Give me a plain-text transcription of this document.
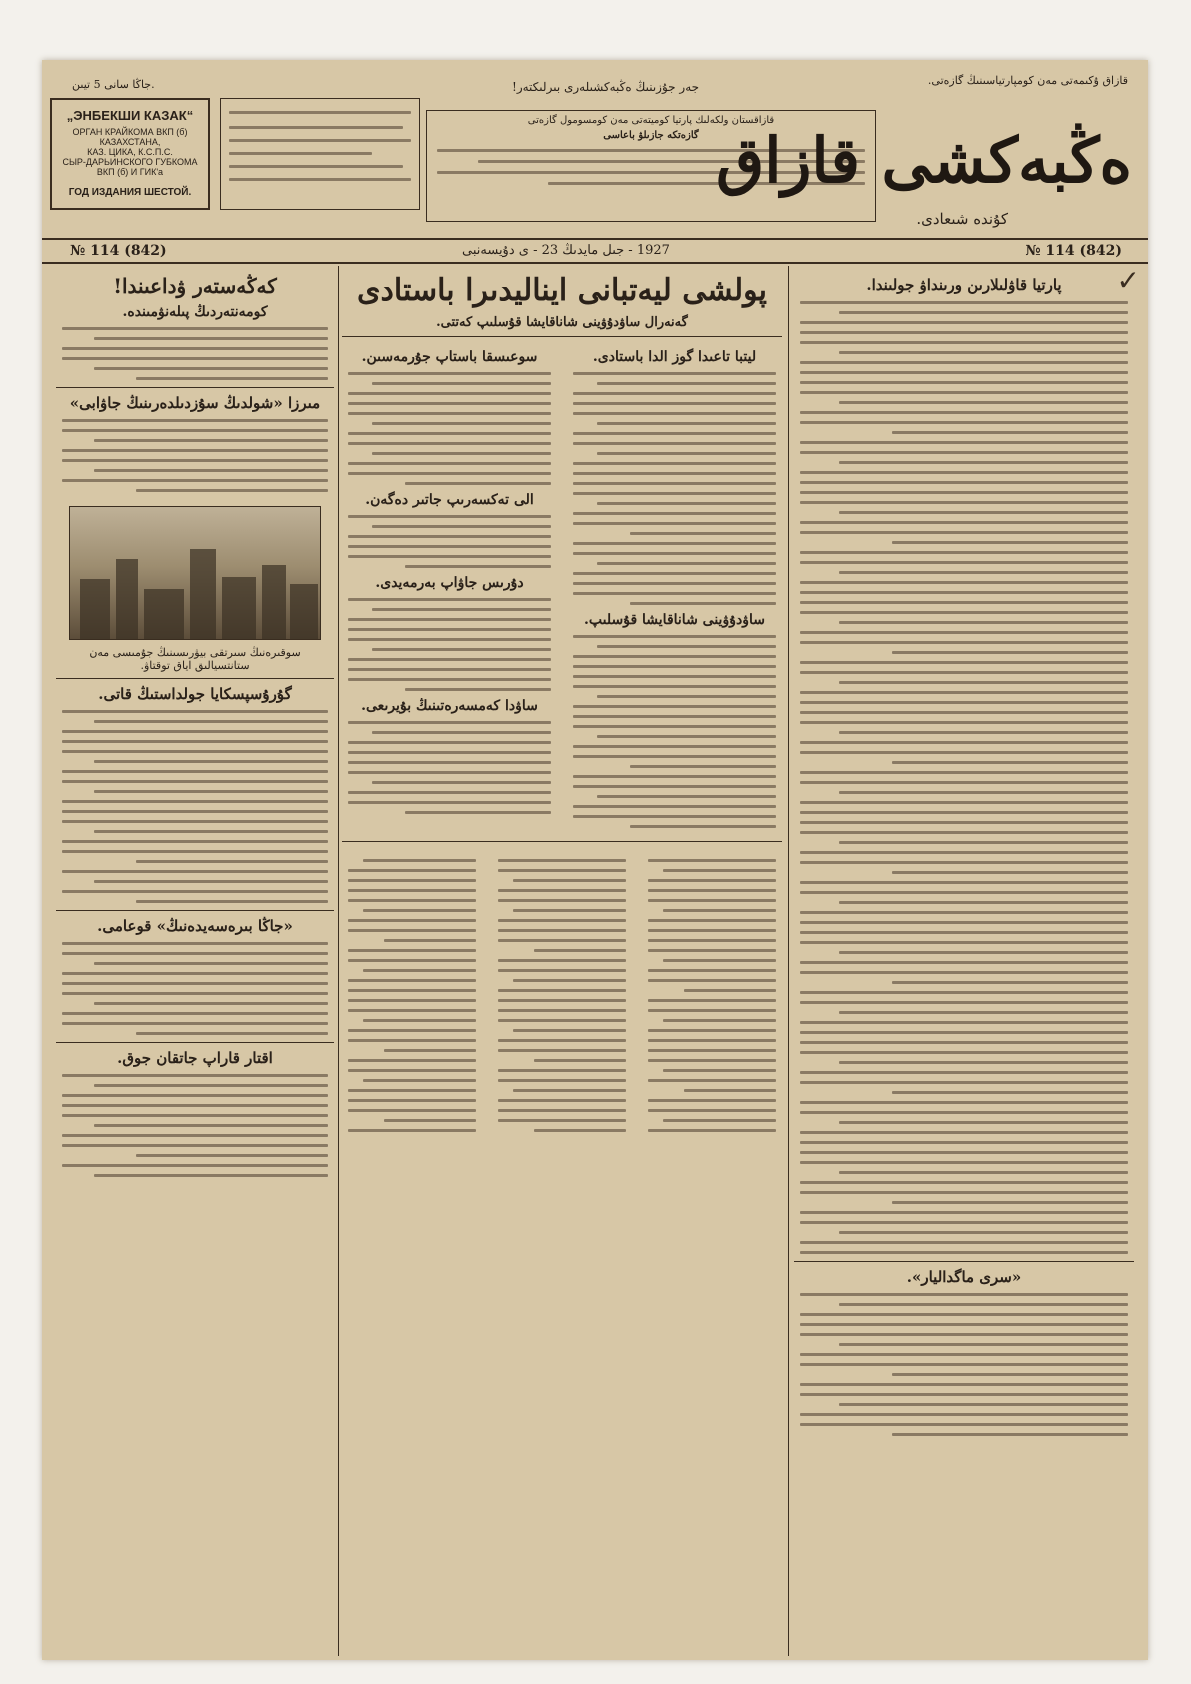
جاڭا سانى 5 تيىن.
„ЭНБЕКШИ КАЗАК“
ОРГАН КРАЙКОМА ВКП (б) КАЗАХСТАНА,
КАЗ. ЦИКА, К.С.П.С.
СЫР-ДАРЬИНСКОГО ГУБКОМА ВКП (б) И ГИК'а
ГОД ИЗДАНИЯ ШЕСТОЙ.
جەر جۇزىنىڭ ەڭبەكشىلەرى بىرلىكتەر!
قازاقستان ولكەلىك پارتيا كوميتەتى مەن كومسومول گازەتى
گازەتكە جازىلۋ باعاسى
قازاق ۇكىمەتى مەن كومپارتياسىنىڭ گازەتى.
ەڭبەكشى قازاق
كۇندە شىعادى.
№ 114 (842)	1927 - جىل مايدىڭ 23 - ى دۇيسەنبى	№ 114 (842)
كەڭەستەر ۋداعىندا!
كومەنتەردىڭ پىلەنۋمىندە.
مىرزا «شولدىڭ سۇزدىلدەرىنىڭ جاۋابى»
سوقىرەنىڭ سىرتقى بيۋرىسىنىڭ جۇمىسى مەن ستانتسيالىق اياق توقتاۋ.
گۇرۇسپسكايا جولداستىڭ قاتى.
«جاڭا بىرەسەيدەنىڭ» قوعامى.
اقتار قاراپ جاتقان جوق.
پولشى ليەتبانى ايناليدىرا باستادى
گەنەرال ساۋدۇۋينى شاناقايشا قۇسلىپ كەتتى.
ليتبا تاعىدا گوز الدا باستادى.
ساۋدۇۋينى شاناقايشا قۇسلىپ.
سوعىسقا باستاپ جۇرمەسىن.
الى تەكسەرىپ جاتىر دەگەن.
دۇرىس جاۋاپ بەرمەيدى.
ساۋدا كەمسەرەتىنىڭ بۇيرىعى.
✓
پارتيا قاۋلىلارىن ورىنداۋ جولىندا.
«سرى ماگداليار».
